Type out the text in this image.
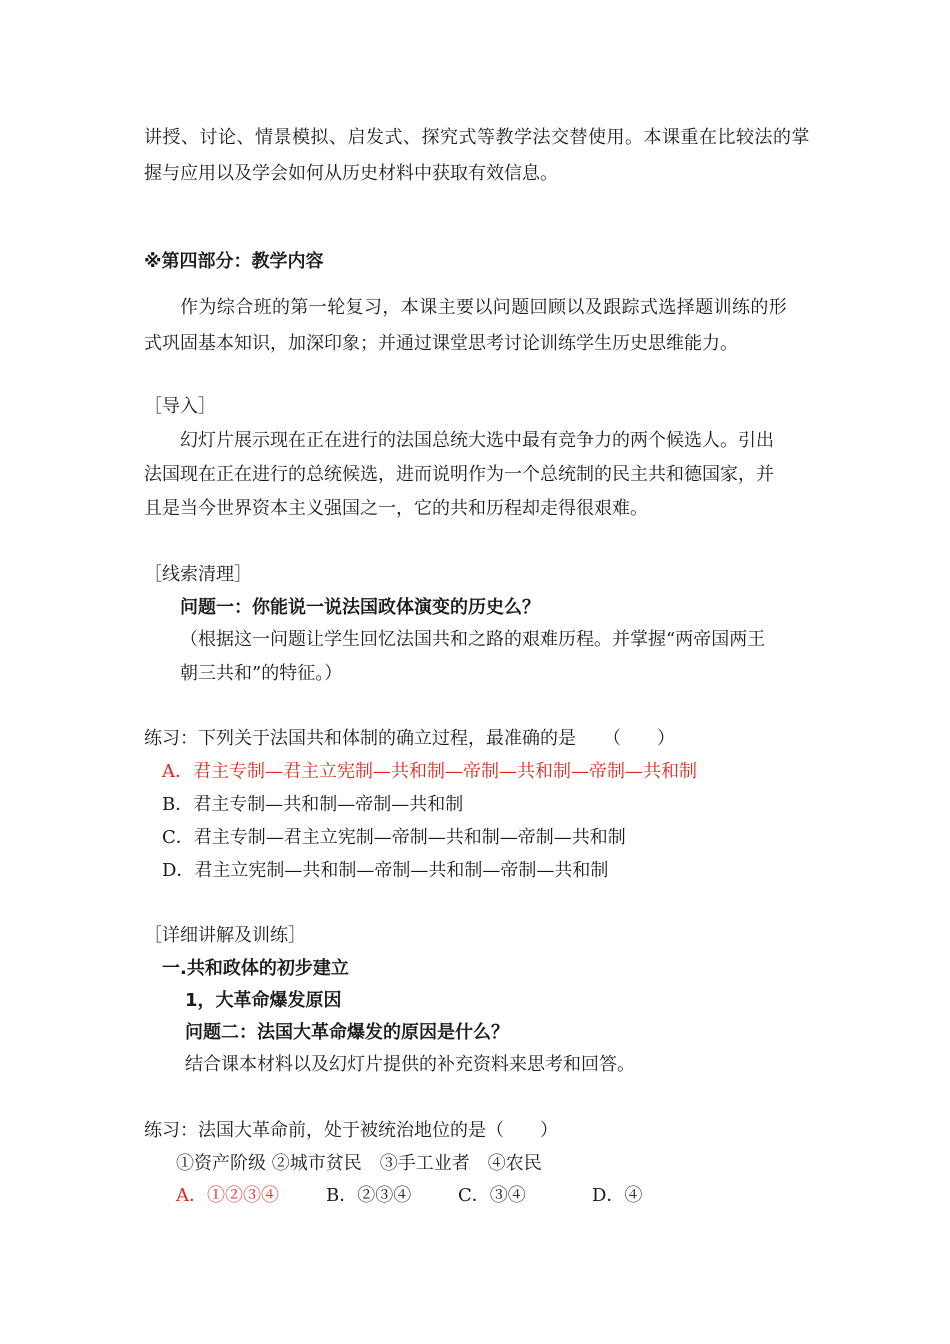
讲授、讨论、情景模拟、启发式、探究式等教学法交替使用。本课重在比较法的掌
握与应用以及学会如何从历史材料中获取有效信息。
※第四部分：教学内容
作为综合班的第一轮复习，本课主要以问题回顾以及跟踪式选择题训练的形
式巩固基本知识，加深印象；并通过课堂思考讨论训练学生历史思维能力。
［导入］
幻灯片展示现在正在进行的法国总统大选中最有竞争力的两个候选人。引出
法国现在正在进行的总统候选，进而说明作为一个总统制的民主共和德国家，并
且是当今世界资本主义强国之一，它的共和历程却走得很艰难。
［线索清理］
问题一：你能说一说法国政体演变的历史么？
（根据这一问题让学生回忆法国共和之路的艰难历程。并掌握“两帝国两王
朝三共和”的特征。）
练习：下列关于法国共和体制的确立过程，最准确的是　　（　　）
A．君主专制—君主立宪制—共和制—帝制—共和制—帝制—共和制
B．君主专制—共和制—帝制—共和制
C．君主专制—君主立宪制—帝制—共和制—帝制—共和制
D．君主立宪制—共和制—帝制—共和制—帝制—共和制
［详细讲解及训练］
一.共和政体的初步建立
1，大革命爆发原因
问题二：法国大革命爆发的原因是什么？
结合课本材料以及幻灯片提供的补充资料来思考和回答。
练习：法国大革命前，处于被统治地位的是（　　）
①资产阶级 ②城市贫民　③手工业者　④农民
A．①②③④	B．②③④	C．③④	D．④
